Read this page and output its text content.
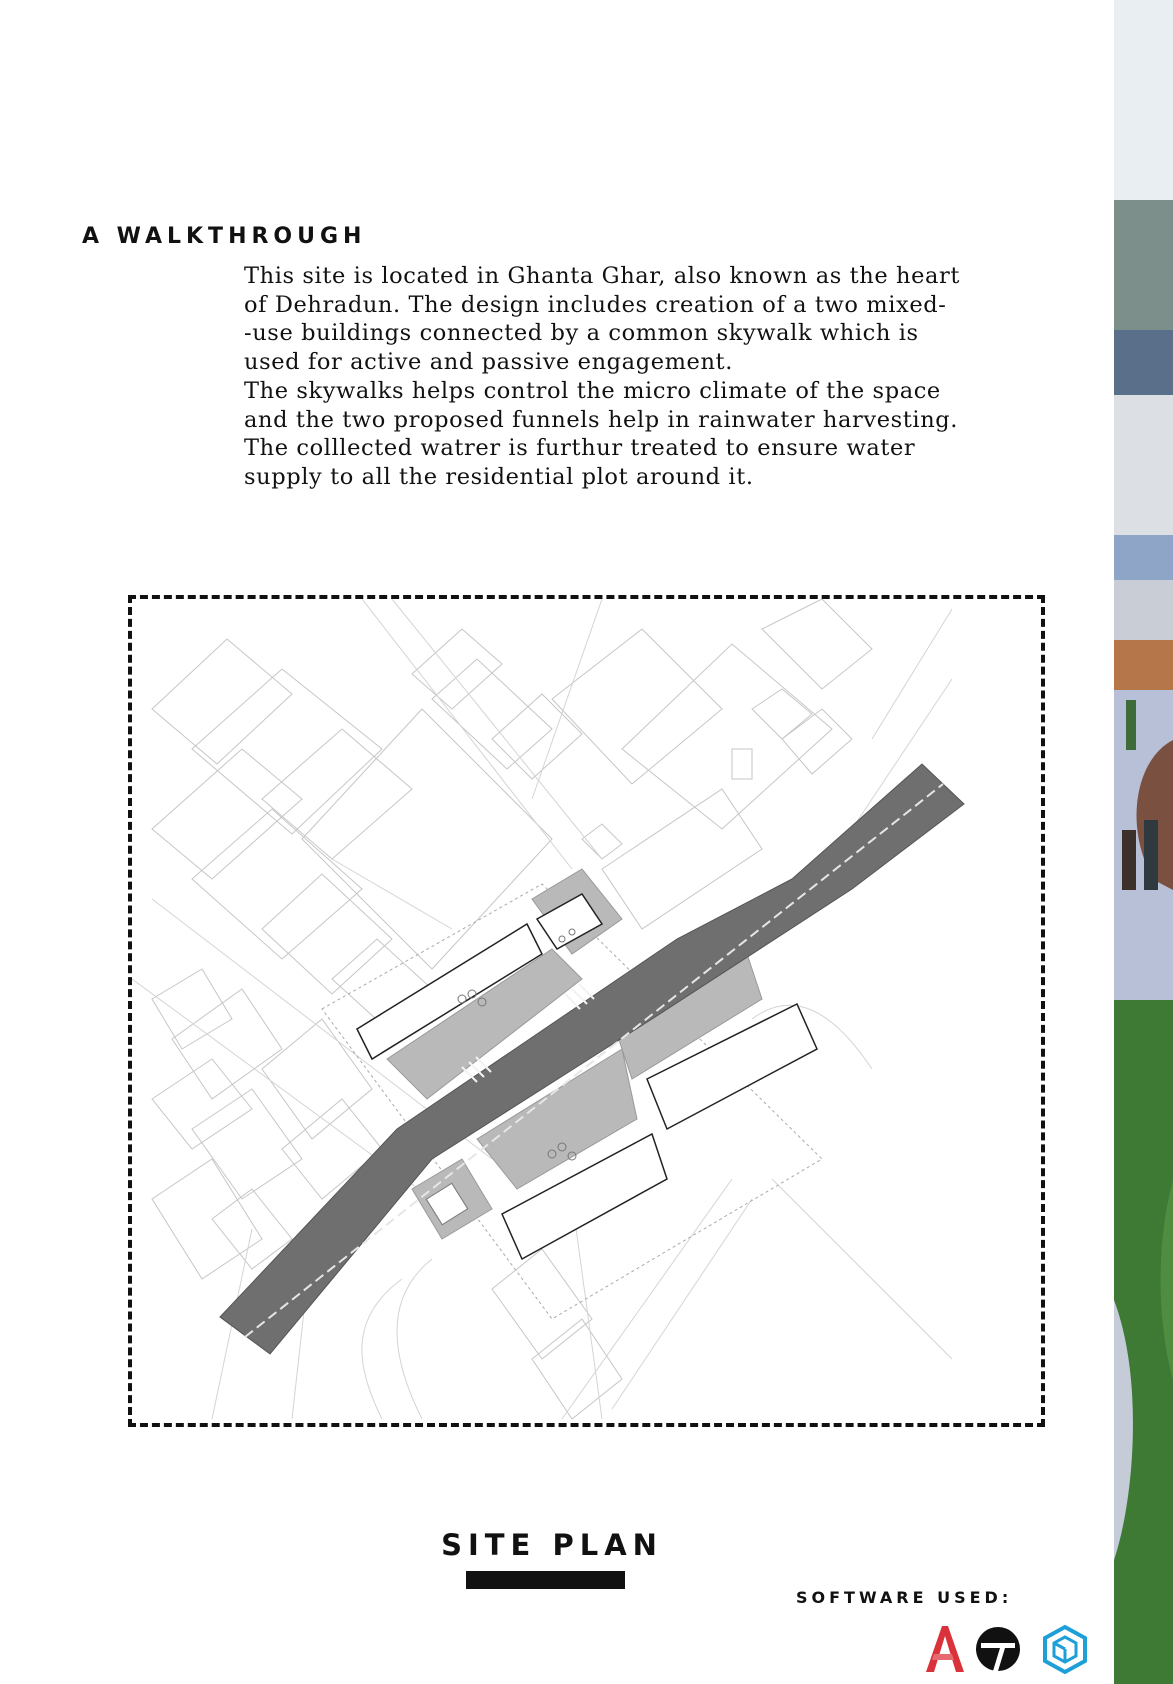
A WALKTHROUGH

This site is located in Ghanta Ghar, also known as the heart
of Dehradun. The design includes creation of a two mixed-
-use buildings connected by a common skywalk which is
used for active and passive engagement.

The skywalks helps control the micro climate of the space
and the two proposed funnels help in rainwater harvesting.
The colllected watrer is furthur treated to ensure water
supply to all the residential plot around it.

SITE PLAN
SOFTWARE USED:
